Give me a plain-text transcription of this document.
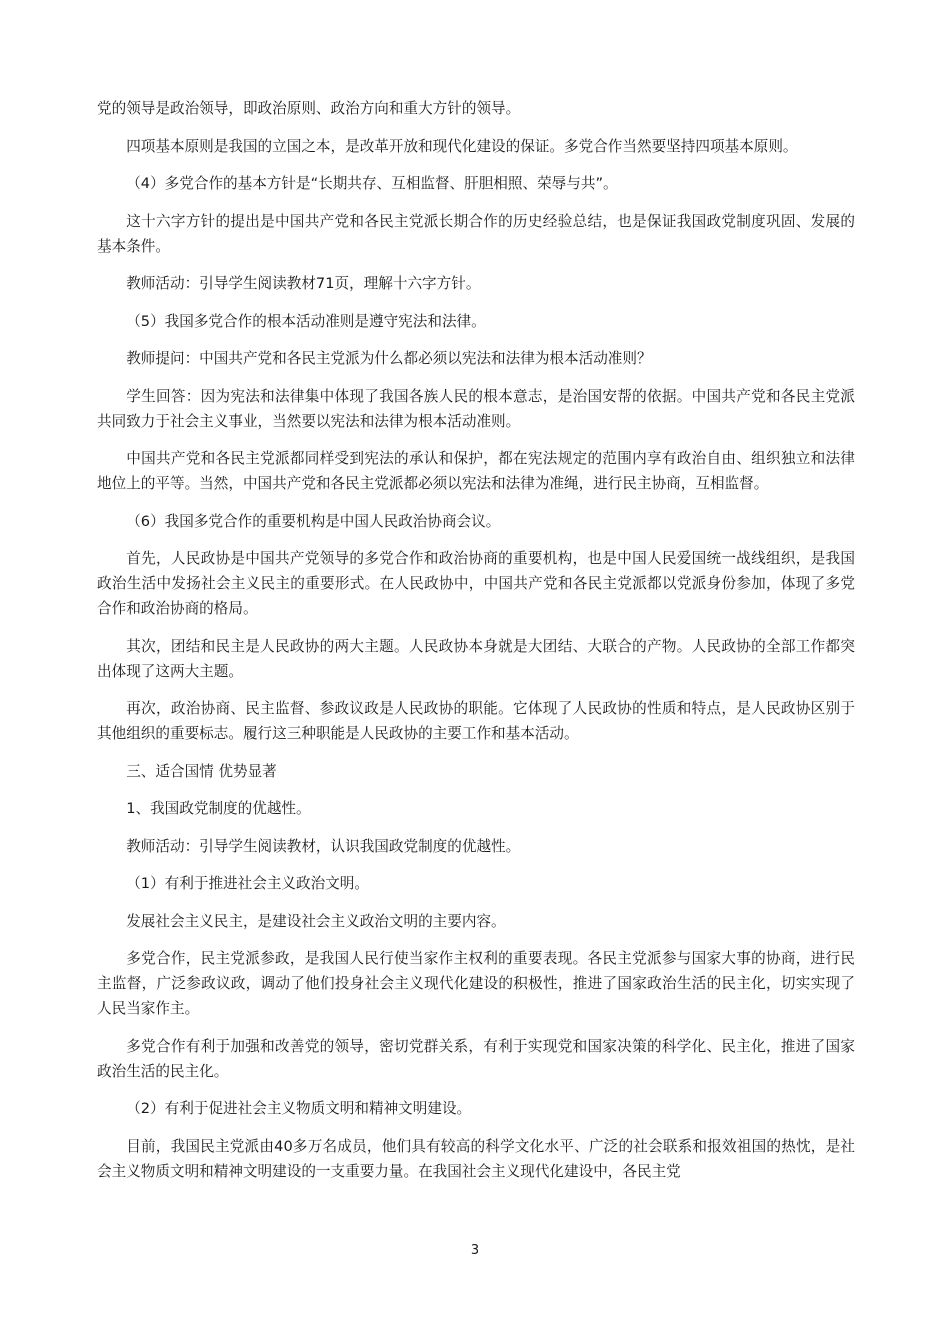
党的领导是政治领导，即政治原则、政治方向和重大方针的领导。

四项基本原则是我国的立国之本，是改革开放和现代化建设的保证。多党合作当然要坚持四项基本原则。

（4）多党合作的基本方针是“长期共存、互相监督、肝胆相照、荣辱与共”。

这十六字方针的提出是中国共产党和各民主党派长期合作的历史经验总结，也是保证我国政党制度巩固、发展的基本条件。

教师活动：引导学生阅读教材71页，理解十六字方针。

（5）我国多党合作的根本活动准则是遵守宪法和法律。

教师提问：中国共产党和各民主党派为什么都必须以宪法和法律为根本活动准则？

学生回答：因为宪法和法律集中体现了我国各族人民的根本意志，是治国安帮的依据。中国共产党和各民主党派共同致力于社会主义事业，当然要以宪法和法律为根本活动准则。

中国共产党和各民主党派都同样受到宪法的承认和保护，都在宪法规定的范围内享有政治自由、组织独立和法律地位上的平等。当然，中国共产党和各民主党派都必须以宪法和法律为准绳，进行民主协商，互相监督。

（6）我国多党合作的重要机构是中国人民政治协商会议。

首先，人民政协是中国共产党领导的多党合作和政治协商的重要机构，也是中国人民爱国统一战线组织，是我国政治生活中发扬社会主义民主的重要形式。在人民政协中，中国共产党和各民主党派都以党派身份参加，体现了多党合作和政治协商的格局。

其次，团结和民主是人民政协的两大主题。人民政协本身就是大团结、大联合的产物。人民政协的全部工作都突出体现了这两大主题。

再次，政治协商、民主监督、参政议政是人民政协的职能。它体现了人民政协的性质和特点，是人民政协区别于其他组织的重要标志。履行这三种职能是人民政协的主要工作和基本活动。

三、适合国情 优势显著

1、我国政党制度的优越性。

教师活动：引导学生阅读教材，认识我国政党制度的优越性。

（1）有利于推进社会主义政治文明。

发展社会主义民主，是建设社会主义政治文明的主要内容。

多党合作，民主党派参政，是我国人民行使当家作主权利的重要表现。各民主党派参与国家大事的协商，进行民主监督，广泛参政议政，调动了他们投身社会主义现代化建设的积极性，推进了国家政治生活的民主化，切实实现了人民当家作主。

多党合作有利于加强和改善党的领导，密切党群关系，有利于实现党和国家决策的科学化、民主化，推进了国家政治生活的民主化。

（2）有利于促进社会主义物质文明和精神文明建设。

目前，我国民主党派由40多万名成员，他们具有较高的科学文化水平、广泛的社会联系和报效祖国的热忱，是社会主义物质文明和精神文明建设的一支重要力量。在我国社会主义现代化建设中，各民主党

3
